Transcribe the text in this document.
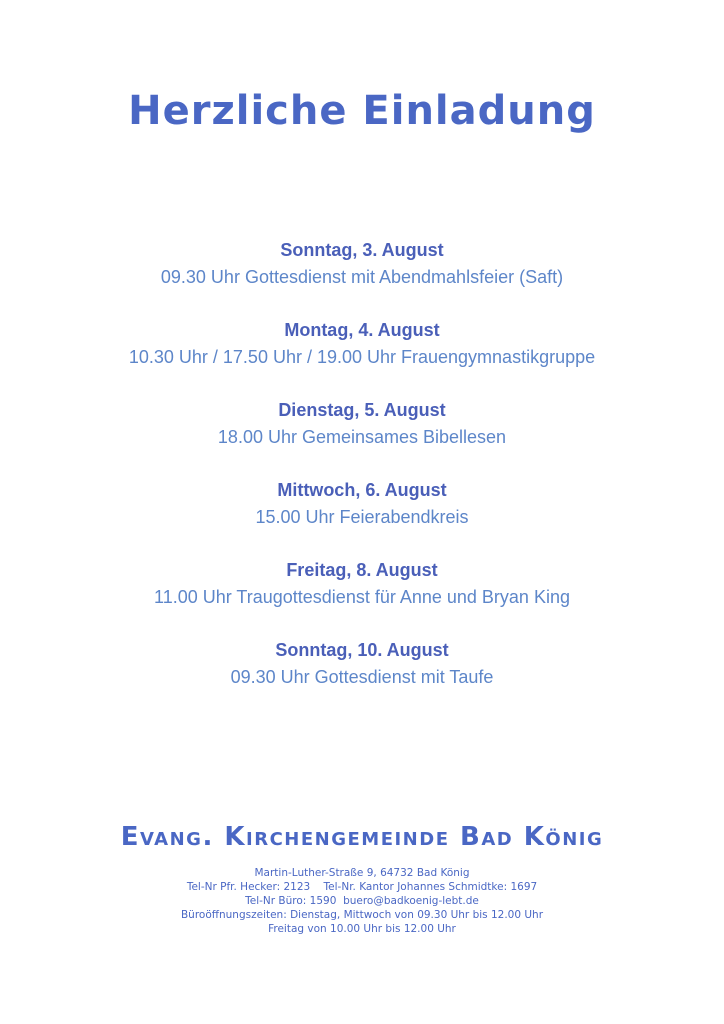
Herzliche Einladung
Sonntag, 3. August
09.30 Uhr Gottesdienst mit Abendmahlsfeier (Saft)
Montag, 4. August
10.30 Uhr / 17.50 Uhr / 19.00 Uhr Frauengymnastikgruppe
Dienstag, 5. August
18.00 Uhr Gemeinsames Bibellesen
Mittwoch, 6. August
15.00 Uhr Feierabendkreis
Freitag, 8. August
11.00 Uhr Traugottesdienst für Anne und Bryan King
Sonntag, 10. August
09.30 Uhr Gottesdienst mit Taufe
Evang. Kirchengemeinde Bad König
Martin-Luther-Straße 9, 64732 Bad König
Tel-Nr Pfr. Hecker: 2123    Tel-Nr. Kantor Johannes Schmidtke: 1697
Tel-Nr Büro: 1590  buero@badkoenig-lebt.de
Büroöffnungszeiten: Dienstag, Mittwoch von 09.30 Uhr bis 12.00 Uhr
Freitag von 10.00 Uhr bis 12.00 Uhr
